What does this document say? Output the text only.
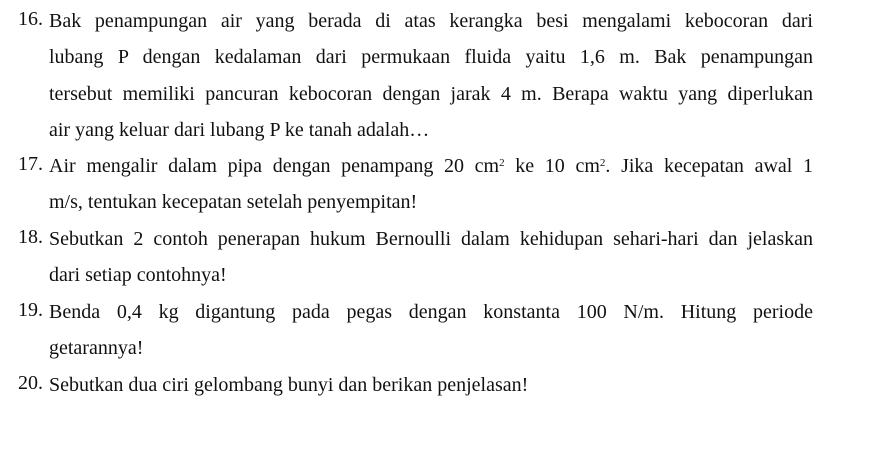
16. Bak penampungan air yang berada di atas kerangka besi mengalami kebocoran dari
lubang P dengan kedalaman dari permukaan fluida yaitu 1,6 m. Bak penampungan
tersebut memiliki pancuran kebocoran dengan jarak 4 m. Berapa waktu yang diperlukan
air yang keluar dari lubang P ke tanah adalah…
17. Air mengalir dalam pipa dengan penampang 20 $cm^2$ ke 10 $cm^2$. Jika kecepatan awal 1
m/s, tentukan kecepatan setelah penyempitan!
18. Sebutkan 2 contoh penerapan hukum Bernoulli dalam kehidupan sehari-hari dan jelaskan
dari setiap contohnya!
19. Benda 0,4 kg digantung pada pegas dengan konstanta 100 N/m. Hitung periode
getarannya!
20. Sebutkan dua ciri gelombang bunyi dan berikan penjelasan!
